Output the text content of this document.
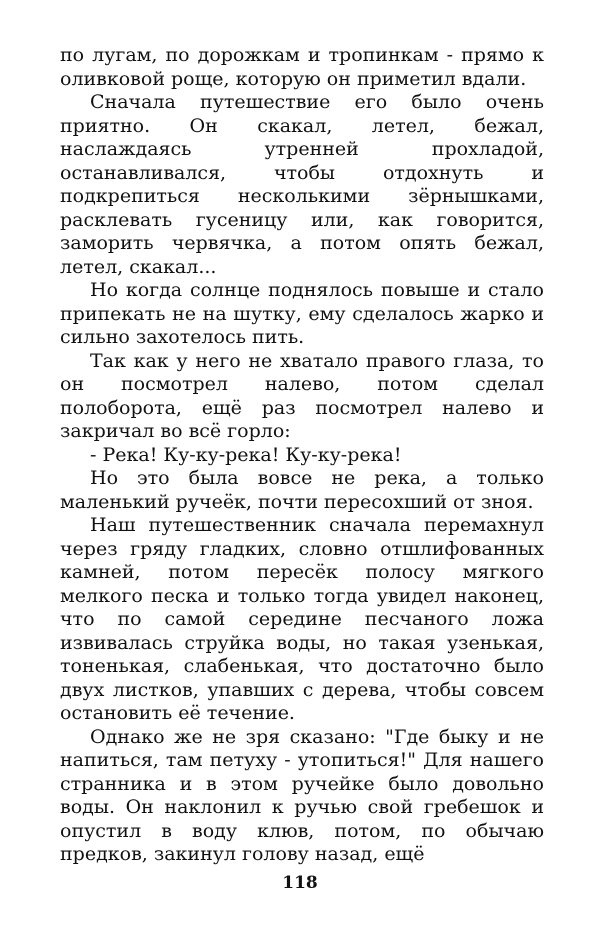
по лугам, по дорожкам и тропинкам - прямо к оливковой роще, которую он приметил вдали.

Сначала путешествие его было очень приятно. Он скакал, летел, бежал, наслаждаясь утренней прохладой, останавливался, чтобы отдохнуть и подкрепиться несколькими зёрнышками, расклевать гусеницу или, как говорится, заморить червячка, а потом опять бежал, летел, скакал...

Но когда солнце поднялось повыше и стало припекать не на шутку, ему сделалось жарко и сильно захотелось пить.

Так как у него не хватало правого глаза, то он посмотрел налево, потом сделал полоборота, ещё раз посмотрел налево и закричал во всё горло:

- Река! Ку-ку-река! Ку-ку-река!

Но это была вовсе не река, а только маленький ручеёк, почти пересохший от зноя.

Наш путешественник сначала перемахнул через гряду гладких, словно отшлифованных камней, потом пересёк полосу мягкого мелкого песка и только тогда увидел наконец, что по самой середине песчаного ложа извивалась струйка воды, но такая узенькая, тоненькая, слабенькая, что достаточно было двух листков, упавших с дерева, чтобы совсем остановить её течение.

Однако же не зря сказано: "Где быку и не напиться, там петуху - утопиться!" Для нашего странника и в этом ручейке было довольно воды. Он наклонил к ручью свой гребешок и опустил в воду клюв, потом, по обычаю предков, закинул голову назад, ещё

118
